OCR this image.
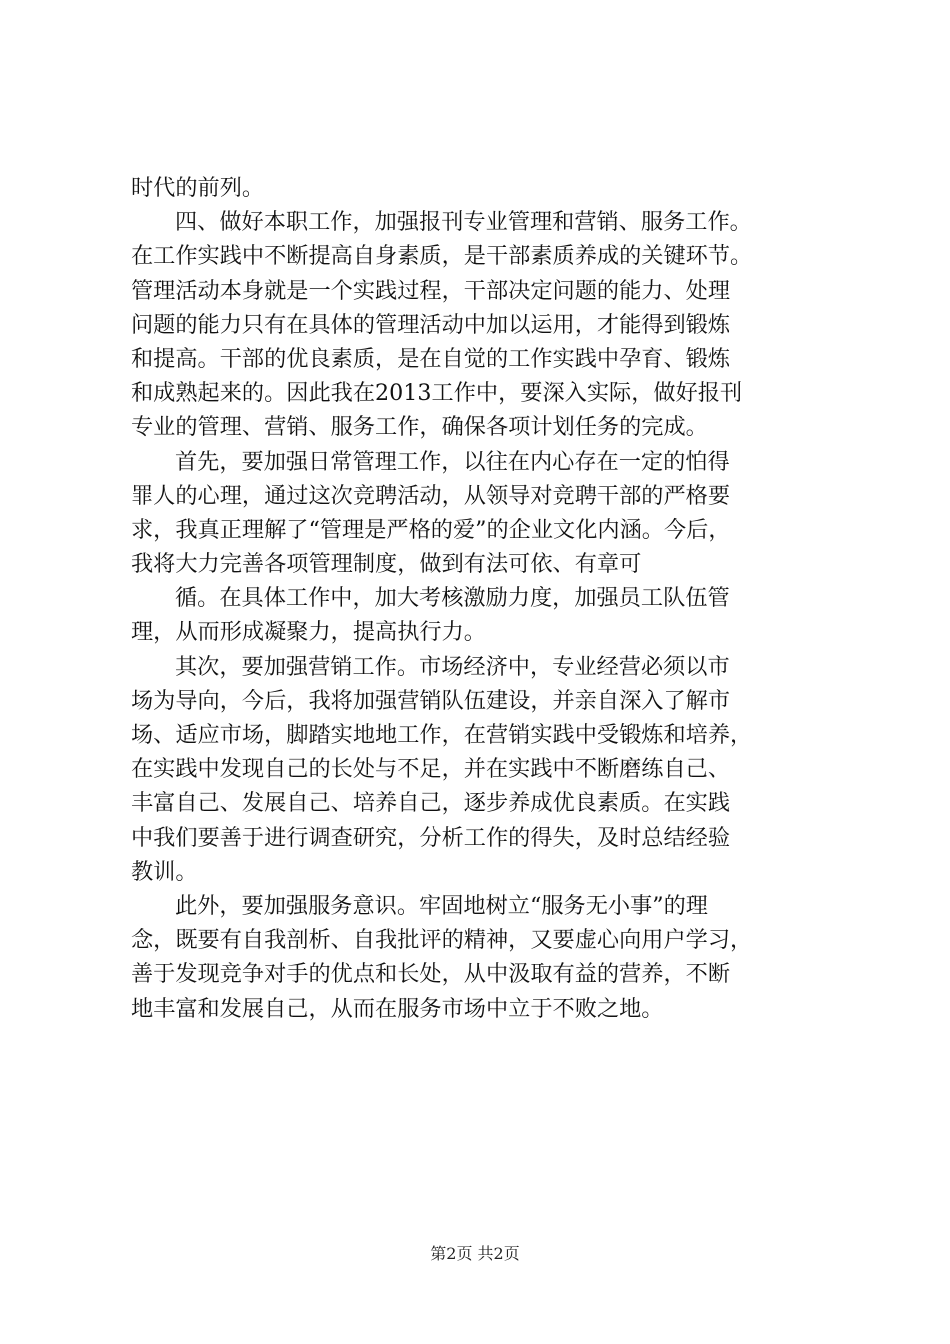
时代的前列。
四、做好本职工作，加强报刊专业管理和营销、服务工作。
在工作实践中不断提高自身素质，是干部素质养成的关键环节。
管理活动本身就是一个实践过程，干部决定问题的能力、处理
问题的能力只有在具体的管理活动中加以运用，才能得到锻炼
和提高。干部的优良素质，是在自觉的工作实践中孕育、锻炼
和成熟起来的。因此我在2013工作中，要深入实际，做好报刊
专业的管理、营销、服务工作，确保各项计划任务的完成。
首先，要加强日常管理工作，以往在内心存在一定的怕得
罪人的心理，通过这次竞聘活动，从领导对竞聘干部的严格要
求，我真正理解了“管理是严格的爱”的企业文化内涵。今后，
我将大力完善各项管理制度，做到有法可依、有章可
循。在具体工作中，加大考核激励力度，加强员工队伍管
理，从而形成凝聚力，提高执行力。
其次，要加强营销工作。市场经济中，专业经营必须以市
场为导向，今后，我将加强营销队伍建设，并亲自深入了解市
场、适应市场，脚踏实地地工作，在营销实践中受锻炼和培养，
在实践中发现自己的长处与不足，并在实践中不断磨练自己、
丰富自己、发展自己、培养自己，逐步养成优良素质。在实践
中我们要善于进行调查研究，分析工作的得失，及时总结经验
教训。
此外，要加强服务意识。牢固地树立“服务无小事”的理
念，既要有自我剖析、自我批评的精神，又要虚心向用户学习，
善于发现竞争对手的优点和长处，从中汲取有益的营养，不断
地丰富和发展自己，从而在服务市场中立于不败之地。
第2页 共2页
